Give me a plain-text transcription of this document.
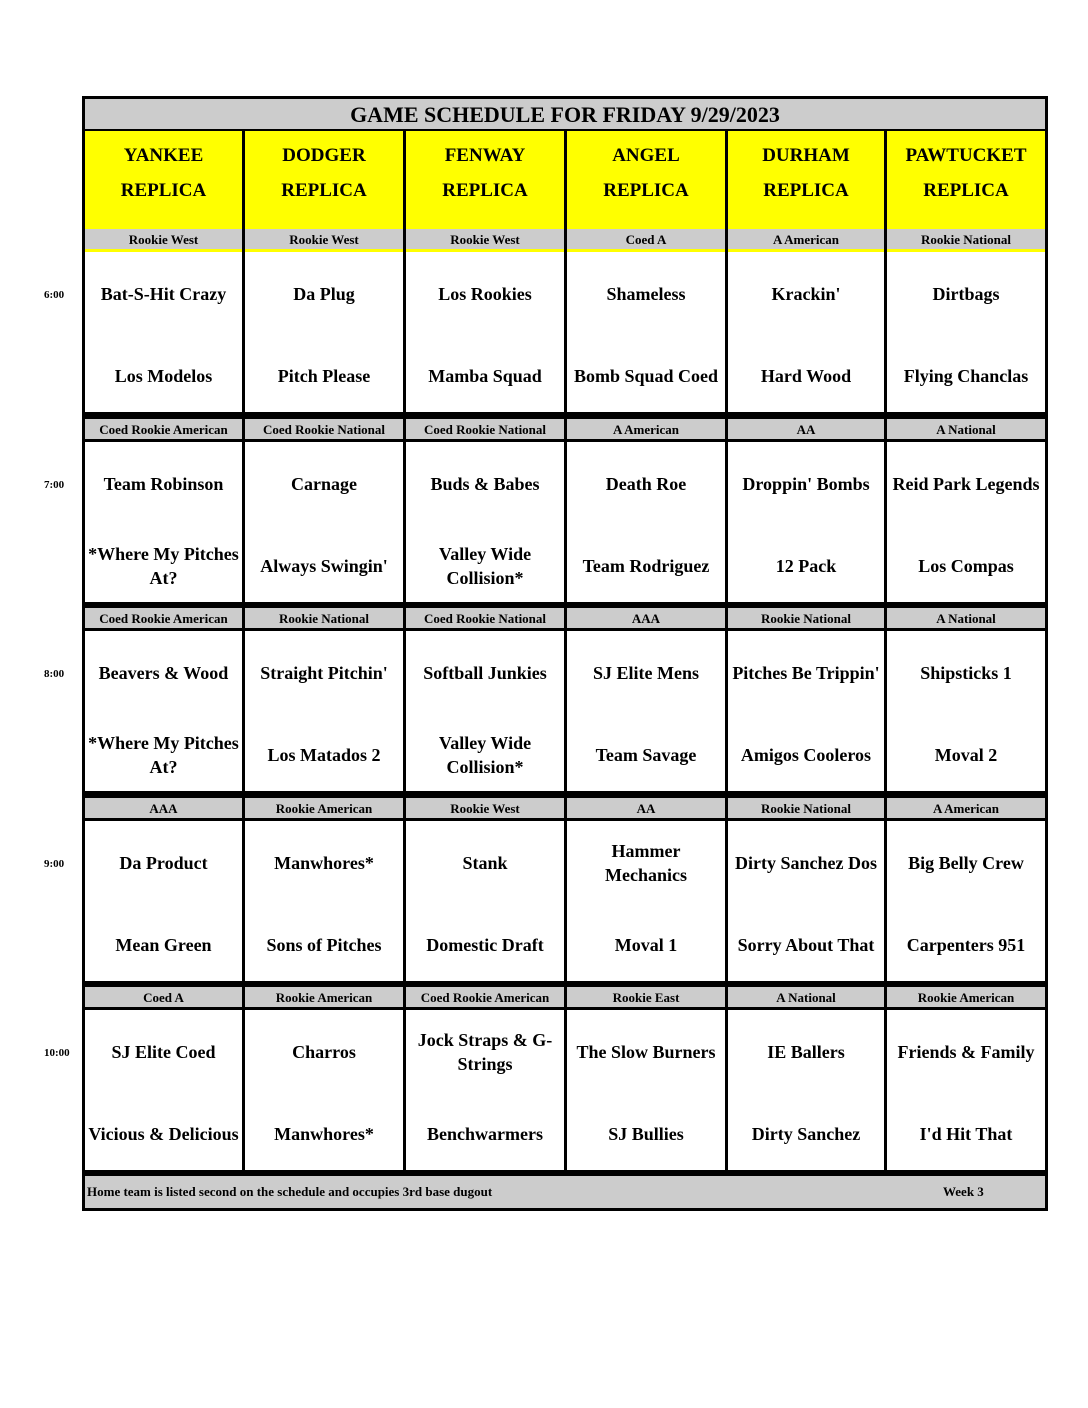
GAME SCHEDULE FOR FRIDAY 9/29/2023
Home team is listed second on the schedule and occupies 3rd base dugout	Week 3
YANKEE
REPLICA
DODGER
REPLICA
FENWAY
REPLICA
ANGEL
REPLICA
DURHAM
REPLICA
PAWTUCKET
REPLICA
Rookie West
Bat-S-Hit Crazy
Los Modelos
Rookie West
Da Plug
Pitch Please
Rookie West
Los Rookies
Mamba Squad
Coed A
Shameless
Bomb Squad Coed
A American
Krackin'
Hard Wood
Rookie National
Dirtbags
Flying Chanclas
Coed Rookie American
Team Robinson
*Where My Pitches At?
Coed Rookie National
Carnage
Always Swingin'
Coed Rookie National
Buds & Babes
Valley Wide Collision*
A American
Death Roe
Team Rodriguez
AA
Droppin' Bombs
12 Pack
A National
Reid Park Legends
Los Compas
Coed Rookie American
Beavers & Wood
*Where My Pitches At?
Rookie National
Straight Pitchin'
Los Matados 2
Coed Rookie National
Softball Junkies
Valley Wide Collision*
AAA
SJ Elite Mens
Team Savage
Rookie National
Pitches Be Trippin'
Amigos Cooleros
A National
Shipsticks 1
Moval 2
AAA
Da Product
Mean Green
Rookie American
Manwhores*
Sons of Pitches
Rookie West
Stank
Domestic Draft
AA
Hammer Mechanics
Moval 1
Rookie National
Dirty Sanchez Dos
Sorry About That
A American
Big Belly Crew
Carpenters 951
Coed A
SJ Elite Coed
Vicious & Delicious
Rookie American
Charros
Manwhores*
Coed Rookie American
Jock Straps & G-Strings
Benchwarmers
Rookie East
The Slow Burners
SJ Bullies
A National
IE Ballers
Dirty Sanchez
Rookie American
Friends & Family
I'd Hit That
6:00
7:00
8:00
9:00
10:00
